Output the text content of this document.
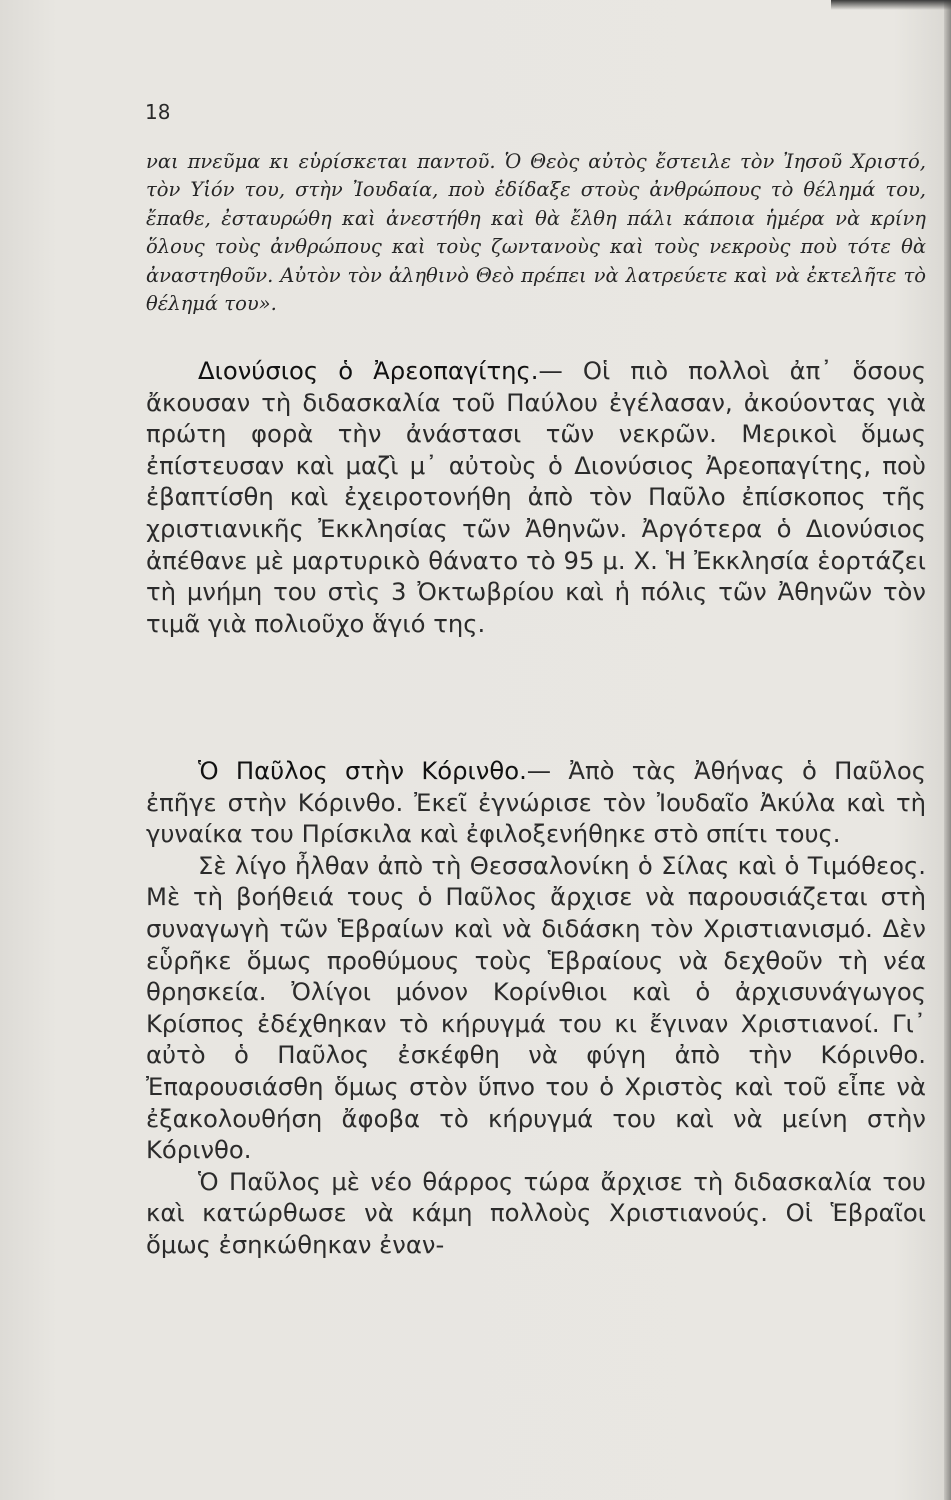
18

ναι πνεῦμα κι εὑρίσκεται παντοῦ. Ὁ Θεὸς αὐτὸς ἔστειλε τὸν Ἰησοῦ Χριστό, τὸν Υἱόν του, στὴν Ἰουδαία, ποὺ ἐδίδαξε στοὺς ἀνθρώπους τὸ θέλημά του, ἔπαθε, ἐσταυρώθη καὶ ἀνεστήθη καὶ θὰ ἔλθη πάλι κάποια ἡμέρα νὰ κρίνη ὅλους τοὺς ἀνθρώπους καὶ τοὺς ζωντανοὺς καὶ τοὺς νεκροὺς ποὺ τότε θὰ ἀναστηθοῦν. Αὐτὸν τὸν ἀληθινὸ Θεὸ πρέπει νὰ λατρεύετε καὶ νὰ ἐκτελῆτε τὸ θέλημά του».

Διονύσιος ὁ Ἀρεοπαγίτης.— Οἱ πιὸ πολλοὶ ἀπ᾿ ὅσους ἄκουσαν τὴ διδασκαλία τοῦ Παύλου ἐγέλασαν, ἀκούοντας γιὰ πρώτη φορὰ τὴν ἀνάστασι τῶν νεκρῶν. Μερικοὶ ὅμως ἐπίστευσαν καὶ μαζὶ μ᾿ αὐτοὺς ὁ Διονύσιος Ἀρεοπαγίτης, ποὺ ἐβαπτίσθη καὶ ἐχειροτονήθη ἀπὸ τὸν Παῦλο ἐπίσκοπος τῆς χριστιανικῆς Ἐκκλησίας τῶν Ἀθηνῶν. Ἀργότερα ὁ Διονύσιος ἀπέθανε μὲ μαρτυρικὸ θάνατο τὸ 95 μ. Χ. Ἡ Ἐκκλησία ἑορτάζει τὴ μνήμη του στὶς 3 Ὀκτωβρίου καὶ ἡ πόλις τῶν Ἀθηνῶν τὸν τιμᾶ γιὰ πολιοῦχο ἅγιό της.

Ὁ Παῦλος στὴν Κόρινθο.— Ἀπὸ τὰς Ἀθήνας ὁ Παῦλος ἐπῆγε στὴν Κόρινθο. Ἐκεῖ ἐγνώρισε τὸν Ἰουδαῖο Ἀκύλα καὶ τὴ γυναίκα του Πρίσκιλα καὶ ἐφιλοξενήθηκε στὸ σπίτι τους.

Σὲ λίγο ἦλθαν ἀπὸ τὴ Θεσσαλονίκη ὁ Σίλας καὶ ὁ Τιμόθεος. Μὲ τὴ βοήθειά τους ὁ Παῦλος ἄρχισε νὰ παρουσιάζεται στὴ συναγωγὴ τῶν Ἑβραίων καὶ νὰ διδάσκη τὸν Χριστιανισμό. Δὲν εὗρῆκε ὅμως προθύμους τοὺς Ἑβραίους νὰ δεχθοῦν τὴ νέα θρησκεία. Ὀλίγοι μόνον Κορίνθιοι καὶ ὁ ἀρχισυνάγωγος Κρίσπος ἐδέχθηκαν τὸ κήρυγμά του κι ἔγιναν Χριστιανοί. Γι᾿ αὐτὸ ὁ Παῦλος ἐσκέφθη νὰ φύγη ἀπὸ τὴν Κόρινθο. Ἐπαρουσιάσθη ὅμως στὸν ὕπνο του ὁ Χριστὸς καὶ τοῦ εἶπε νὰ ἐξακολουθήση ἄφοβα τὸ κήρυγμά του καὶ νὰ μείνη στὴν Κόρινθο.

Ὁ Παῦλος μὲ νέο θάρρος τώρα ἄρχισε τὴ διδασκαλία του καὶ κατώρθωσε νὰ κάμη πολλοὺς Χριστιανούς. Οἱ Ἑβραῖοι ὅμως ἐσηκώθηκαν ἐναν-
